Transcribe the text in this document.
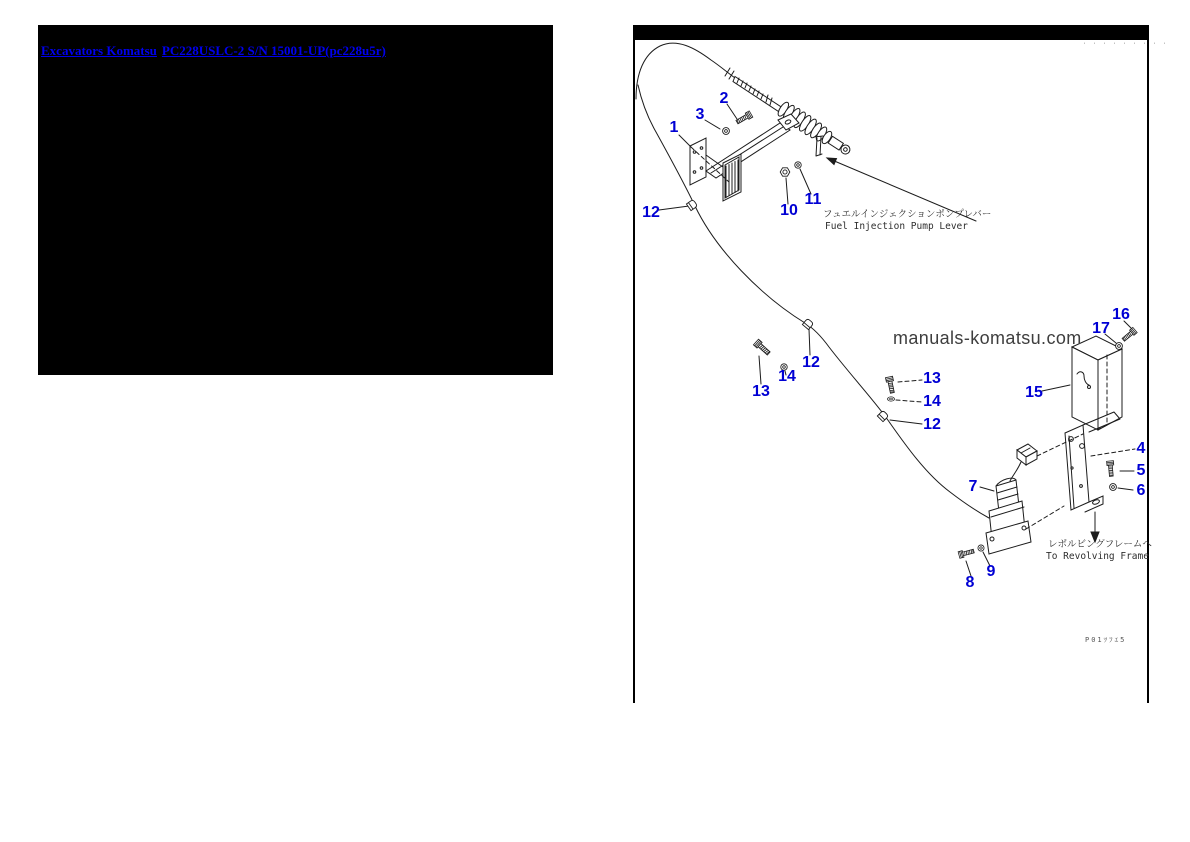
Excavators Komatsu PC228USLC-2 S/N 15001-UP(pc228u5r)
manuals-komatsu.com
フュエルインジェクションポンプレバー
Fuel Injection Pump Lever
レボルビングフレームへ
To Revolving Frame
· · · · · · · · ·
P01ﾂﾌｴ5
1
2
3
12	10
11
13
14
12
13
14
12
16
17
15
4
5
6
7
8
9
